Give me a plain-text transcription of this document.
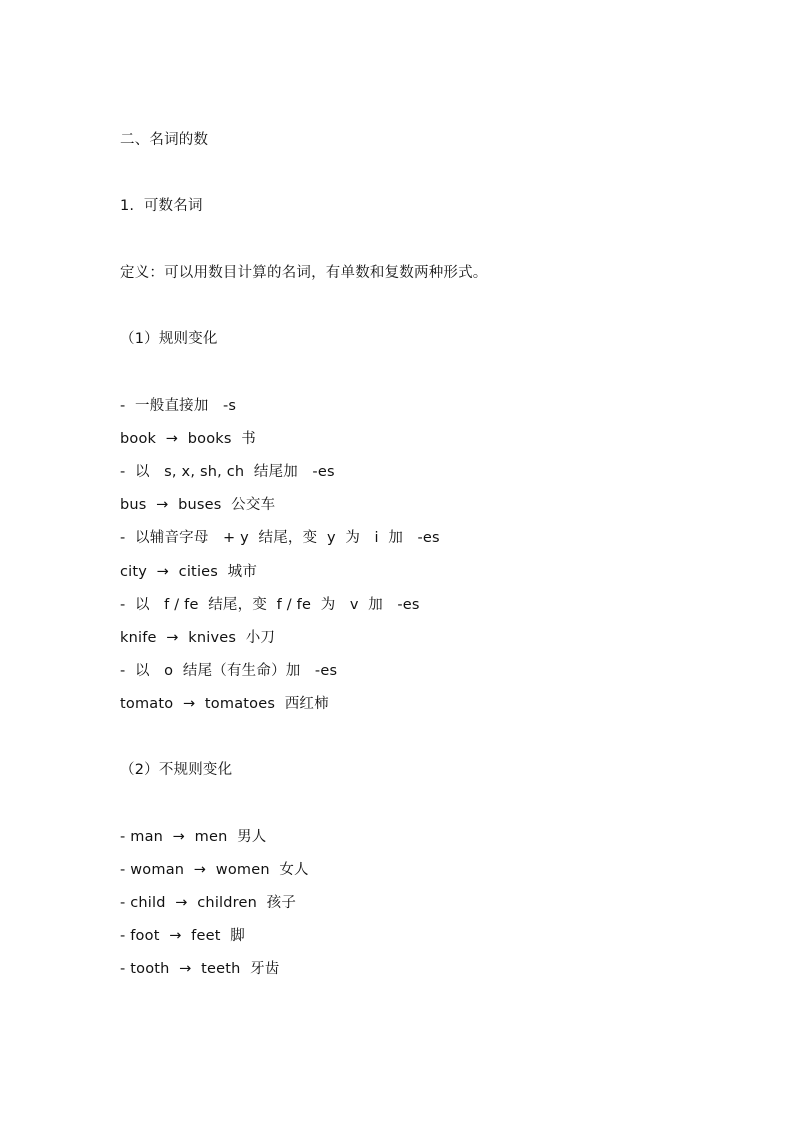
二、名词的数
1.  可数名词
定义：可以用数目计算的名词，有单数和复数两种形式。
（1）规则变化
-  一般直接加   -s
book  →  books  书
-  以   s, x, sh, ch  结尾加   -es
bus  →  buses  公交车
-  以辅音字母   + y  结尾，变  y  为   i  加   -es
city  →  cities  城市
-  以   f / fe  结尾，变  f / fe  为   v  加   -es
knife  →  knives  小刀
-  以   o  结尾（有生命）加   -es
tomato  →  tomatoes  西红柿
（2）不规则变化
- man  →  men  男人
- woman  →  women  女人
- child  →  children  孩子
- foot  →  feet  脚
- tooth  →  teeth  牙齿
